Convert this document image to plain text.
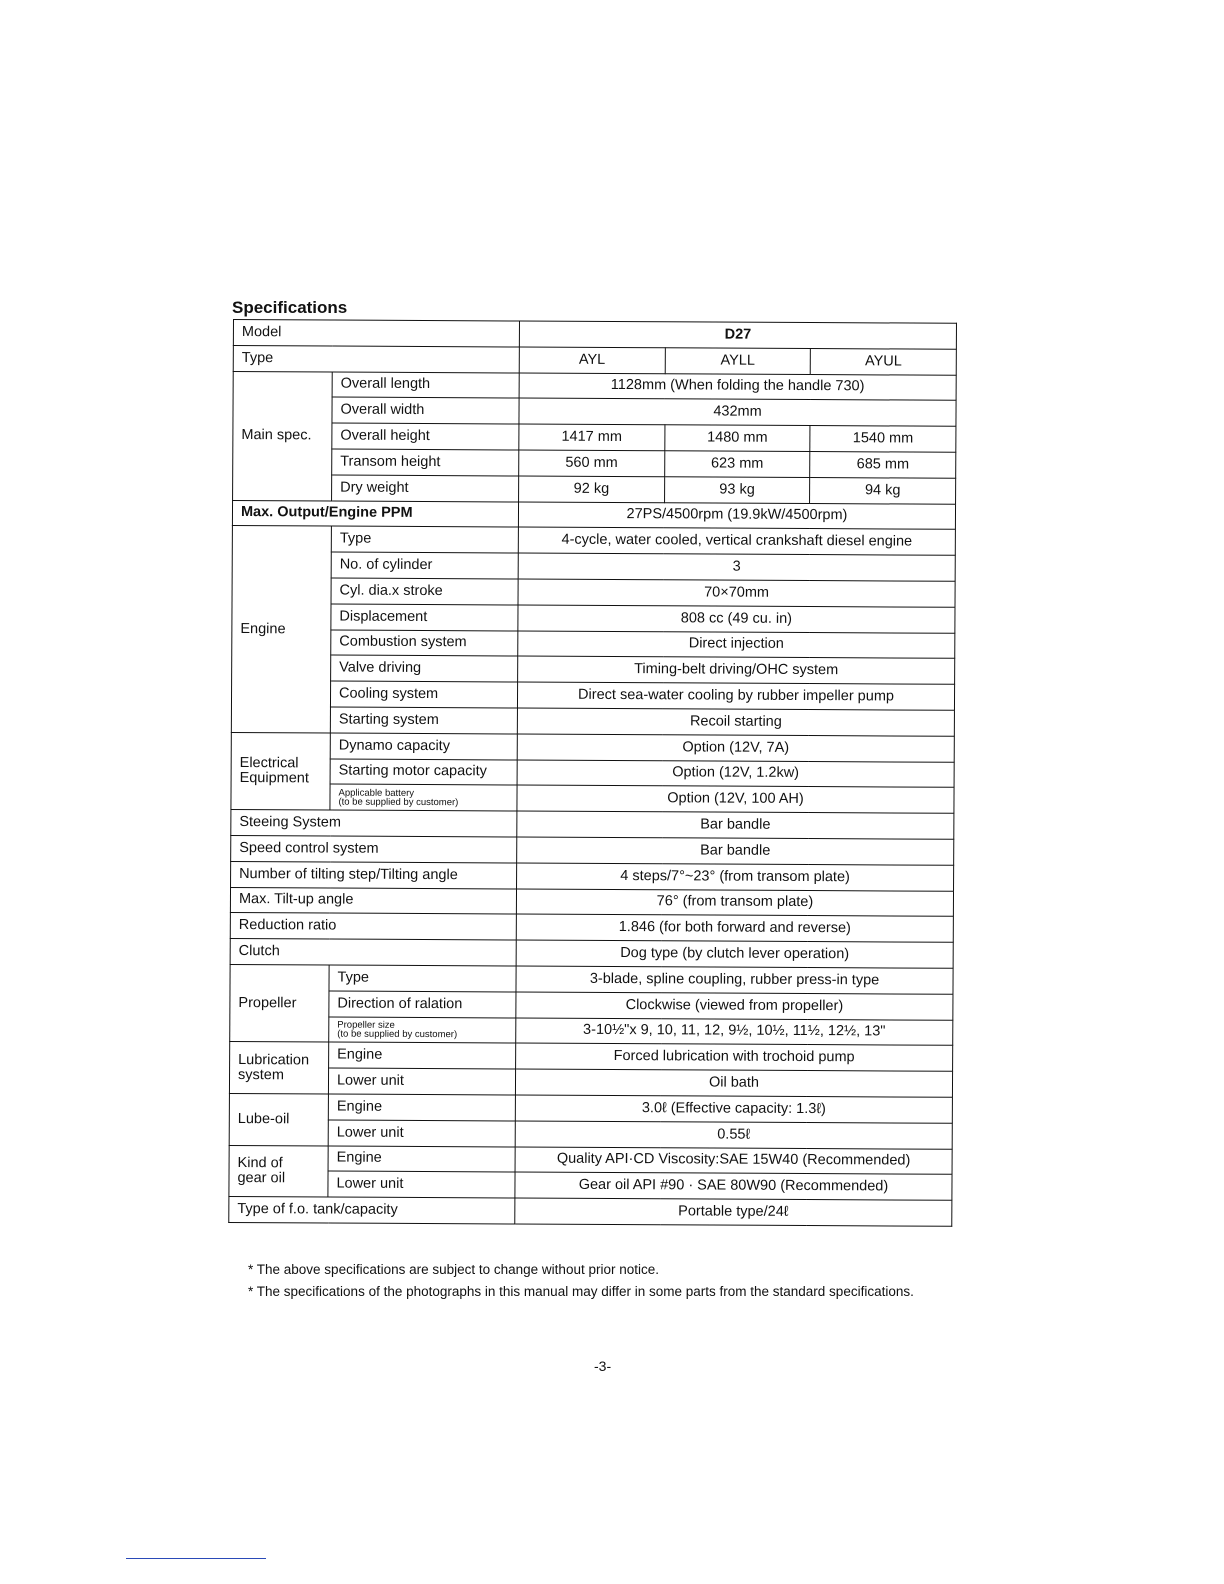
Specifications
Model		D27		
Type		AYL	AYLL	AYUL
Main spec.	Overall length	1128mm (When folding the handle 730)		
	Overall width	432mm		
	Overall height	1417 mm	1480 mm	1540 mm
	Transom height	560 mm	623 mm	685 mm
	Dry weight	92 kg	93 kg	94 kg
Max. Output/Engine PPM		27PS/4500rpm (19.9kW/4500rpm)		
Engine	Type	4-cycle, water cooled, vertical crankshaft diesel engine		
	No. of cylinder	3		
	Cyl. dia.x stroke	70×70mm		
	Displacement	808 cc (49 cu. in)		
	Combustion system	Direct injection		
	Valve driving	Timing-belt driving/OHC system		
	Cooling system	Direct sea-water cooling by rubber impeller pump		
	Starting system	Recoil starting		

Electrical
Equipment	Dynamo capacity	Option (12V, 7A)		
	Starting motor capacity	Option (12V, 1.2kw)		

	Applicable battery
(to be supplied by customer)	Option (12V, 100 AH)		
Steeing System		Bar bandle		
Speed control system		Bar bandle		
Number of tilting step/Tilting angle		4 steps/7°~23° (from transom plate)		
Max. Tilt-up angle		76° (from transom plate)		
Reduction ratio		1.846 (for both forward and reverse)		
Clutch		Dog type (by clutch lever operation)		
Propeller	Type	3-blade, spline coupling, rubber press-in type		
	Direction of ralation	Clockwise (viewed from propeller)		

	Propeller size
(to be supplied by customer)	3-10½"x 9, 10, 11, 12, 9½, 10½, 11½, 12½, 13"		

Lubrication
system	Engine	Forced lubrication with trochoid pump		
	Lower unit	Oil bath		
Lube-oil	Engine	3.0ℓ (Effective capacity: 1.3ℓ)		
	Lower unit	0.55ℓ		

Kind of
gear oil	Engine	Quality API·CD Viscosity:SAE 15W40 (Recommended)		
	Lower unit	Gear oil API #90 · SAE 80W90 (Recommended)		
Type of f.o. tank/capacity		Portable type/24ℓ		

* The above specifications are subject to change without prior notice.

* The specifications of the photographs in this manual may differ in some parts from the standard specifications.

-3-
